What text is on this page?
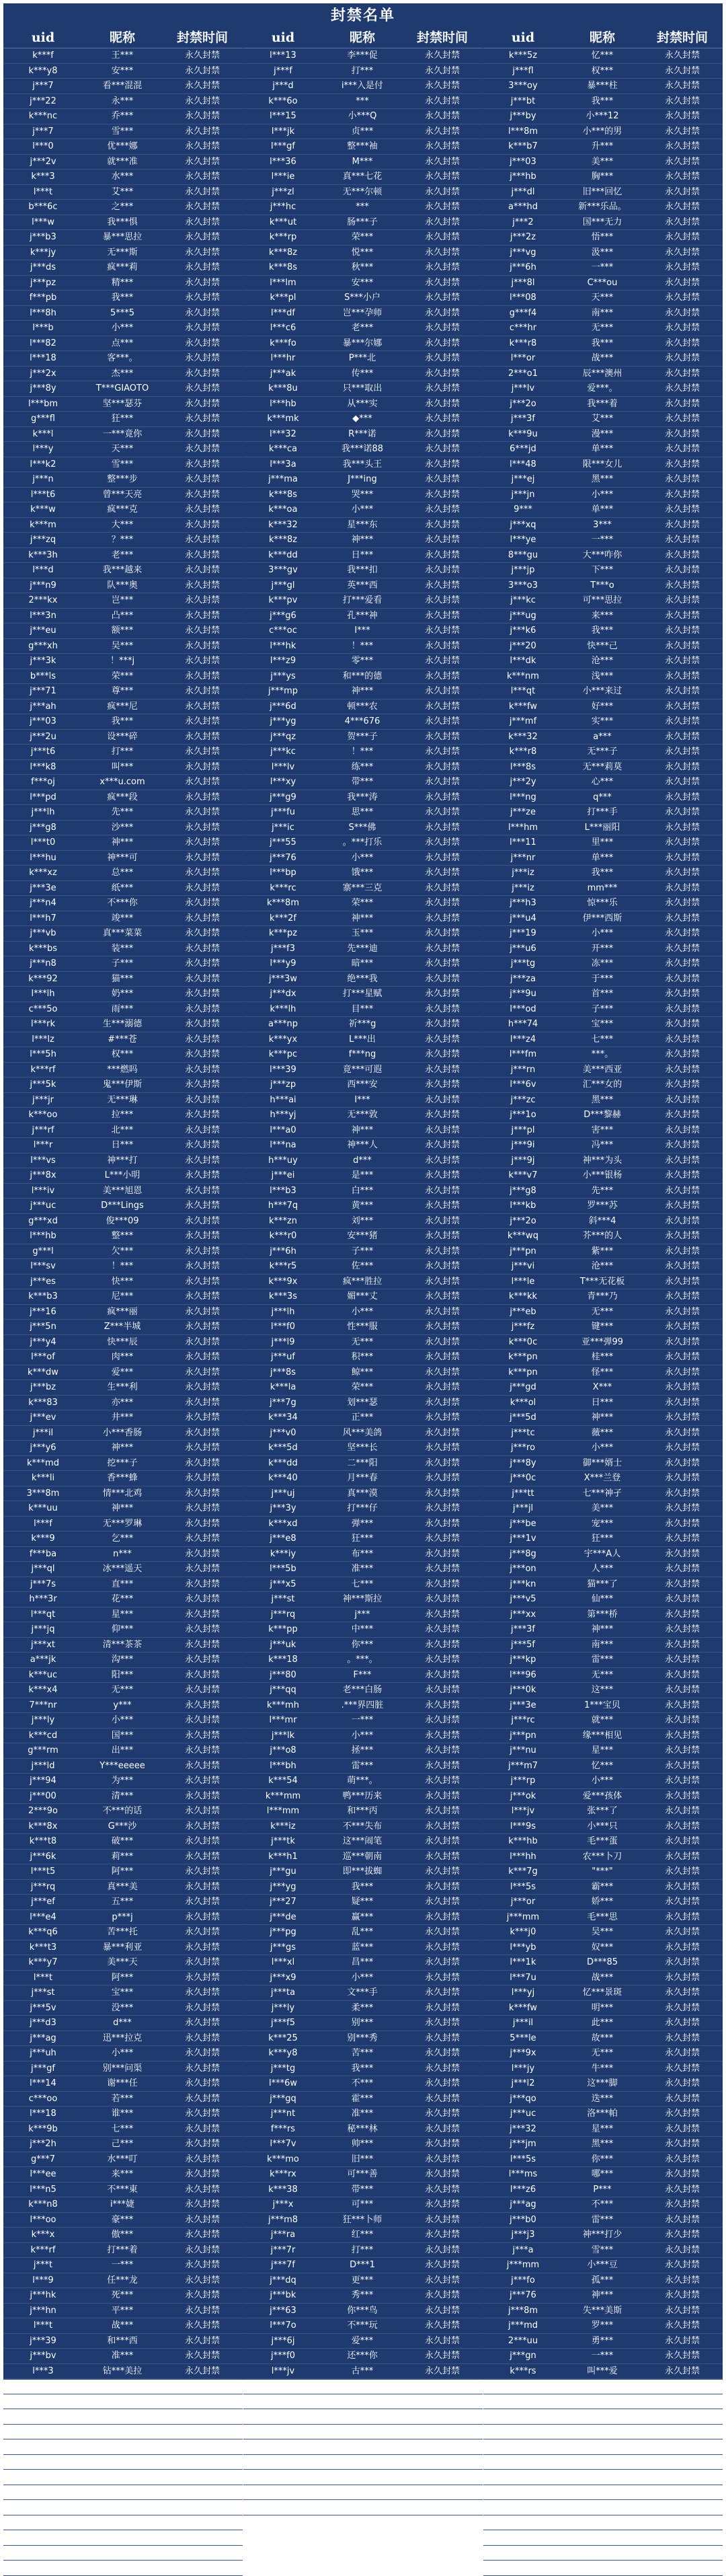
封禁名单
uid	昵称	封禁时间
k***f	王***	永久封禁
k***y8	安***	永久封禁
j***7	看***混混	永久封禁
j***22	永***	永久封禁
k***nc	乔***	永久封禁
j***7	雪***	永久封禁
l***0	优***娜	永久封禁
j***2v	就***准	永久封禁
k***3	水***	永久封禁
l***t	艾***	永久封禁
b***6c	之***	永久封禁
l***w	我***惧	永久封禁
j***b3	暴***思拉	永久封禁
k***jy	无***斯	永久封禁
j***ds	疯***莉	永久封禁
j***pz	精***	永久封禁
f***pb	我***	永久封禁
l***8h	5***5	永久封禁
l***b	小***	永久封禁
l***82	点***	永久封禁
l***18	客***。	永久封禁
j***2x	杰***	永久封禁
j***8y	T***GIAOTO	永久封禁
l***bm	坚***瑟芬	永久封禁
g***fl	狂***	永久封禁
k***l	一***竟你	永久封禁
l***y	天***	永久封禁
l***k2	雪***	永久封禁
j***n	整***步	永久封禁
l***t6	曾***天亮	永久封禁
k***w	疯***克	永久封禁
k***m	大***	永久封禁
j***zq	？***	永久封禁
k***3h	老***	永久封禁
l***d	我***越来	永久封禁
j***n9	队***奥	永久封禁
2***kx	岂***	永久封禁
l***3n	凸***	永久封禁
j***eu	额***	永久封禁
g***xh	吴***	永久封禁
j***3k	！***j	永久封禁
b***ls	荣***	永久封禁
j***71	尊***	永久封禁
j***ah	疯***尼	永久封禁
j***03	我***	永久封禁
j***2u	设***碎	永久封禁
j***t6	打***	永久封禁
l***k8	叫***	永久封禁
f***oj	x***u.com	永久封禁
l***pd	疯***段	永久封禁
j***lh	先***	永久封禁
j***g8	沙***	永久封禁
l***t0	神***	永久封禁
l***hu	神***可	永久封禁
k***xz	总***	永久封禁
j***3e	纸***	永久封禁
j***n4	不***你	永久封禁
l***h7	竣***	永久封禁
j***vb	真***菜菜	永久封禁
k***bs	装***	永久封禁
j***n8	子***	永久封禁
k***92	猫***	永久封禁
l***lh	奶***	永久封禁
c***5o	雨***	永久封禁
l***rk	生***溺德	永久封禁
l***lz	#***苍	永久封禁
l***5h	权***	永久封禁
k***rf	***燃吗	永久封禁
j***5k	鬼***伊斯	永久封禁
j***jr	无***琳	永久封禁
k***oo	拉***	永久封禁
j***rf	北***	永久封禁
l***r	日***	永久封禁
l***vs	神***打	永久封禁
j***8x	L***小明	永久封禁
l***iv	美***旭恩	永久封禁
j***uc	D***Lings	永久封禁
g***xd	俊***09	永久封禁
l***hb	整***	永久封禁
g***l	欠***	永久封禁
l***sv	！***	永久封禁
j***es	快***	永久封禁
k***b3	尼***	永久封禁
j***16	疯***丽	永久封禁
j***5n	Z***半城	永久封禁
j***y4	快***辰	永久封禁
l***of	肉***	永久封禁
k***dw	爱***	永久封禁
j***bz	生***利	永久封禁
k***83	亦***	永久封禁
j***ev	井***	永久封禁
j***il	小***香肠	永久封禁
j***y6	神***	永久封禁
k***md	挖***子	永久封禁
k***li	香***蜂	永久封禁
3***8m	情***北鸡	永久封禁
k***uu	神***	永久封禁
l***f	无***罗琳	永久封禁
k***9	乞***	永久封禁
f***ba	n***	永久封禁
j***ql	冰***遥天	永久封禁
j***7s	直***	永久封禁
h***3r	花***	永久封禁
l***qt	星***	永久封禁
j***jq	仰***	永久封禁
j***xt	清***茶茶	永久封禁
a***jk	沟***	永久封禁
k***uc	阳***	永久封禁
k***x4	无***	永久封禁
7***nr	y***	永久封禁
j***ly	小***	永久封禁
k***cd	国***	永久封禁
g***rm	出***	永久封禁
j***ld	Y***eeeee	永久封禁
j***94	为***	永久封禁
j***00	清***	永久封禁
2***9o	不***的话	永久封禁
k***8x	G***沙	永久封禁
k***t8	破***	永久封禁
j***6k	莉***	永久封禁
l***t5	阿***	永久封禁
j***rq	真***美	永久封禁
j***ef	五***	永久封禁
l***e4	p***j	永久封禁
k***q6	苦***托	永久封禁
k***t3	暴***利亚	永久封禁
k***y7	美***天	永久封禁
l***t	阿***	永久封禁
j***st	宝***	永久封禁
j***5v	没***	永久封禁
j***d3	d***	永久封禁
j***ag	迅***拉克	永久封禁
j***uh	小***	永久封禁
j***gf	别***问渠	永久封禁
l***14	谢***任	永久封禁
c***oo	若***	永久封禁
l***18	谁***	永久封禁
k***9b	七***	永久封禁
j***2h	己***	永久封禁
g***7	水***叮	永久封禁
l***ee	来***	永久封禁
l***n5	不***東	永久封禁
k***n8	i***婕	永久封禁
l***oo	豪***	永久封禁
k***x	傲***	永久封禁
k***rf	打***着	永久封禁
j***t	一***	永久封禁
l***9	任***龙	永久封禁
j***hk	死***	永久封禁
j***hn	平***	永久封禁
l***t	战***	永久封禁
j***39	和***西	永久封禁
j***bv	准***	永久封禁
l***3	钻***美拉	永久封禁
j***xz	阳***特曼	永久封禁
l***3t	开***手	永久封禁
l***d	千***	永久封禁
j***kl	屠***卡师	永久封禁
l***z	不***	永久封禁
j***5	一***	永久封禁
j***fq	神***奇	永久封禁
j***d2	可***	永久封禁
9***r	在***	永久封禁
k***80	手***一切	永久封禁
3***e2	X***七	永久封禁
l***sk	狂***门	永久封禁
j***2i	初***觉夏	永久封禁
uid	昵称	封禁时间
l***13	李***促	永久封禁
j***f	打***	永久封禁
j***d	i***入是付	永久封禁
k***6o	***	永久封禁
l***15	小***Q	永久封禁
l***jk	贞***	永久封禁
l***gf	整***袖	永久封禁
l***36	M***	永久封禁
l***ie	真***七花	永久封禁
j***zl	无***尔顿	永久封禁
j***hc	***	永久封禁
k***ut	肠***子	永久封禁
k***rp	荣***	永久封禁
k***8z	悦***	永久封禁
k***8s	秋***	永久封禁
l***lm	安***	永久封禁
k***pl	S***小户	永久封禁
l***df	岂***孕师	永久封禁
l***c6	老***	永久封禁
k***fo	暴***尔娜	永久封禁
l***hr	P***北	永久封禁
j***ak	传***	永久封禁
k***8u	只***取出	永久封禁
l***hb	从***实	永久封禁
k***mk	◆***	永久封禁
l***32	R***诺	永久封禁
k***ca	我***诺88	永久封禁
l***3a	我***头王	永久封禁
j***ma	J***ing	永久封禁
k***8s	哭***	永久封禁
k***oa	小***	永久封禁
k***32	星***东	永久封禁
k***8z	神***	永久封禁
k***dd	日***	永久封禁
3***gv	我***扣	永久封禁
j***gl	英***西	永久封禁
k***pv	打***爱看	永久封禁
j***g6	孔***神	永久封禁
c***oc	I***	永久封禁
l***hk	！***	永久封禁
l***z9	零***	永久封禁
j***ys	和***的德	永久封禁
j***mp	神***	永久封禁
j***6d	顿***农	永久封禁
j***yg	4***676	永久封禁
j***qz	贺***子	永久封禁
j***kc	！***	永久封禁
l***lv	练***	永久封禁
l***xy	带***	永久封禁
j***g9	我***涛	永久封禁
j***fu	思***	永久封禁
j***ic	S***佛	永久封禁
j***55	。***打乐	永久封禁
j***76	小***	永久封禁
l***bp	饿***	永久封禁
k***rc	寨***三克	永久封禁
k***8m	荣***	永久封禁
k***2f	神***	永久封禁
k***pz	玉***	永久封禁
j***f3	先***迪	永久封禁
l***y9	暗***	永久封禁
j***3w	绝***我	永久封禁
j***dx	打***星赋	永久封禁
k***lh	目***	永久封禁
a***np	祈***g	永久封禁
k***yx	L***出	永久封禁
k***pc	f***ng	永久封禁
l***39	竟***可遐	永久封禁
j***zp	西***安	永久封禁
h***ai	I***	永久封禁
h***yj	无***敦	永久封禁
l***a0	神***	永久封禁
l***na	神***人	永久封禁
h***uy	d***	永久封禁
j***ei	是***	永久封禁
l***b3	白***	永久封禁
h***7q	黄***	永久封禁
k***zn	刘***	永久封禁
k***r0	安***猪	永久封禁
j***6h	子***	永久封禁
k***r5	佐***	永久封禁
k***9x	疯***胜拉	永久封禁
k***3s	媚***丈	永久封禁
j***lh	小***	永久封禁
l***f0	性***服	永久封禁
j***l9	无***	永久封禁
j***uf	积***	永久封禁
j***8s	鲸***	永久封禁
k***la	荣***	永久封禁
j***7g	划***瑟	永久封禁
k***34	正***	永久封禁
j***v0	风***美鸽	永久封禁
k***5d	坚***长	永久封禁
k***dd	二***阳	永久封禁
k***40	月***春	永久封禁
j***uj	真***漠	永久封禁
j***3y	打***仔	永久封禁
k***xd	弹***	永久封禁
j***e8	狂***	永久封禁
k***iy	布***	永久封禁
l***5b	准***	永久封禁
j***x5	七***	永久封禁
j***st	神***斯拉	永久封禁
j***rq	j***	永久封禁
k***pp	中***	永久封禁
j***uk	你***	永久封禁
k***18	。***。	永久封禁
j***80	F***	永久封禁
j***qq	老***白肠	永久封禁
k***mh	.***界四脏	永久封禁
l***mr	一***	永久封禁
j***lk	小***	永久封禁
j***o8	拯***	永久封禁
l***bh	雷***	永久封禁
k***54	萌***。	永久封禁
k***mm	鸭***历来	永久封禁
l***mm	和***丙	永久封禁
k***iz	不***失布	永久封禁
j***tk	这***闹笔	永久封禁
k***h1	巡***朝南	永久封禁
j***gu	即***拔蜘	永久封禁
j***yg	我***	永久封禁
j***27	疑***	永久封禁
j***de	赢***	永久封禁
j***pg	乱***	永久封禁
j***gs	蓝***	永久封禁
l***xl	昌***	永久封禁
j***x9	小***	永久封禁
j***ta	文***手	永久封禁
j***ly	柔***	永久封禁
j***f5	别***	永久封禁
k***25	别***秀	永久封禁
k***y8	苦***	永久封禁
j***tg	我***	永久封禁
l***6w	不***	永久封禁
j***gq	霍***	永久封禁
j***nt	准***	永久封禁
f***rs	秘***林	永久封禁
l***7v	帅***	永久封禁
k***mo	旧***	永久封禁
k***rx	可***善	永久封禁
k***38	带***	永久封禁
j***x	可***	永久封禁
j***m8	狂***卜师	永久封禁
j***ra	红***	永久封禁
j***7r	打***	永久封禁
j***7f	D***1	永久封禁
j***dq	更***	永久封禁
j***bk	秀***	永久封禁
j***63	你***鸟	永久封禁
l***7o	不***玩	永久封禁
j***6j	爱***	永久封禁
j***f0	还***你	永久封禁
l***jv	古***	永久封禁
k***ah	一***鹿	永久封禁
j***tw	神***兰克	永久封禁
j***qj	神***	永久封禁
j***17	被***着	永久封禁
j***zv	麒***	永久封禁
j***ea	小***	永久封禁
j***ei	宗***	永久封禁
g***x4	赞***	永久封禁
k***ro	小***	永久封禁
uid	昵称	封禁时间
k***5z	忆***	永久封禁
j***fl	权***	永久封禁
3***oy	暴***柱	永久封禁
j***bt	我***	永久封禁
j***by	小***12	永久封禁
l***8m	小***的男	永久封禁
k***b7	升***	永久封禁
j***03	美***	永久封禁
j***hb	胸***	永久封禁
j***dl	旧***回忆	永久封禁
a***hd	新***乐品。	永久封禁
j***2	国***无力	永久封禁
j***2z	悟***	永久封禁
j***vg	汲***	永久封禁
j***6h	一***	永久封禁
j***8l	C***ou	永久封禁
l***08	天***	永久封禁
g***f4	南***	永久封禁
c***hr	无***	永久封禁
k***r8	我***	永久封禁
l***or	战***	永久封禁
2***o1	辰***澳州	永久封禁
j***lv	爱***。	永久封禁
j***2o	我***着	永久封禁
j***3f	艾***	永久封禁
k***9u	漫***	永久封禁
6***jd	单***	永久封禁
l***48	限***女儿	永久封禁
j***ej	黑***	永久封禁
j***jn	小***	永久封禁
9***	单***	永久封禁
j***xq	3***	永久封禁
l***ye	一***	永久封禁
8***gu	大***咋你	永久封禁
j***jp	下***	永久封禁
3***o3	T***o	永久封禁
j***kc	可***思拉	永久封禁
j***ug	来***	永久封禁
j***k6	我***	永久封禁
j***20	快***己	永久封禁
l***dk	沧***	永久封禁
k***nm	浅***	永久封禁
l***qt	小***来过	永久封禁
k***fw	好***	永久封禁
j***mf	实***	永久封禁
k***32	a***	永久封禁
k***r8	无***子	永久封禁
l***8s	无***莉莫	永久封禁
j***2y	心***	永久封禁
l***ng	q***	永久封禁
j***ze	打***手	永久封禁
l***hm	L***丽阳	永久封禁
l***11	里***	永久封禁
j***nr	单***	永久封禁
j***iz	我***	永久封禁
j***iz	mm***	永久封禁
j***h3	惊***乐	永久封禁
j***u4	伊***西斯	永久封禁
j***19	小***	永久封禁
j***u6	开***	永久封禁
j***tg	冻***	永久封禁
j***za	于***	永久封禁
j***9u	首***	永久封禁
l***od	子***	永久封禁
h***74	宝***	永久封禁
l***z4	七***	永久封禁
l***fm	***。	永久封禁
j***rn	美***西亚	永久封禁
l***6v	汇***女的	永久封禁
j***zc	黑***	永久封禁
j***1o	D***黎赫	永久封禁
j***pl	害***	永久封禁
j***9i	冯***	永久封禁
j***9j	神***为头	永久封禁
k***v7	小***银杨	永久封禁
j***g8	先***	永久封禁
l***kb	罗***苏	永久封禁
j***2o	斜***4	永久封禁
k***wq	芥***的人	永久封禁
j***pn	紫***	永久封禁
j***vi	沧***	永久封禁
l***le	T***无花板	永久封禁
k***kk	青***乃	永久封禁
j***eb	无***	永久封禁
j***fz	键***	永久封禁
k***0c	亚***弹99	永久封禁
k***pn	桂***	永久封禁
k***pn	怪***	永久封禁
j***gd	X***	永久封禁
k***ol	日***	永久封禁
j***5d	神***	永久封禁
j***tc	薇***	永久封禁
j***ro	小***	永久封禁
j***8y	御***婿士	永久封禁
j***0c	X***兰登	永久封禁
j***tt	七***神孑	永久封禁
j***jl	美***	永久封禁
j***be	宠***	永久封禁
j***1v	狂***	永久封禁
j***8g	宇***A人	永久封禁
j***on	人***	永久封禁
j***kn	猫***了	永久封禁
j***v5	仙***	永久封禁
j***xx	第***桥	永久封禁
j***3f	神***	永久封禁
j***5f	南***	永久封禁
j***kp	雷***	永久封禁
l***96	无***	永久封禁
j***0k	这***	永久封禁
j***3e	1***宝贝	永久封禁
j***rc	就***	永久封禁
j***pn	缘***相见	永久封禁
j***nu	星***	永久封禁
j***m7	忆***	永久封禁
j***rp	小***	永久封禁
j***ok	爱***孩体	永久封禁
l***jv	张***了	永久封禁
l***9s	小***只	永久封禁
k***hb	毛***蛋	永久封禁
l***hh	农***卜刀	永久封禁
k***7g	"***"	永久封禁
l***5s	霸***	永久封禁
j***or	娇***	永久封禁
j***mm	毛***思	永久封禁
k***j0	吴***	永久封禁
l***yb	奴***	永久封禁
l***1k	D***85	永久封禁
l***7u	战***	永久封禁
l***yj	忆***景斑	永久封禁
k***fw	明***	永久封禁
j***il	此***	永久封禁
5***le	故***	永久封禁
j***9x	无***	永久封禁
l***jy	牛***	永久封禁
j***l2	这***脚	永久封禁
j***qo	迭***	永久封禁
j***uc	洛***帕	永久封禁
j***32	星***	永久封禁
j***jm	黑***	永久封禁
l***5s	你***	永久封禁
l***ms	哪***	永久封禁
l***z6	P***	永久封禁
j***ag	不***	永久封禁
j***b0	雷***	永久封禁
j***j3	神***打少	永久封禁
j***a	雪***	永久封禁
j***mm	小***豆	永久封禁
j***fo	孤***	永久封禁
j***76	神***	永久封禁
j***8m	失***美斯	永久封禁
j***md	罗***	永久封禁
2***uu	勇***	永久封禁
j***gn	一***	永久封禁
k***rs	叫***爱	永久封禁
j***z9	傻***	永久封禁
l***lu	竹***	永久封禁
j***bd	小***卜师	永久封禁
j***8d	骨***白纹	永久封禁
k***bh	欧***困！	永久封禁
j***nj	少***	永久封禁
l***jn	小***	永久封禁
j***ft	开***开了	永久封禁
l***d	7***	永久封禁
l***sx	失***	永久封禁
k***n8	乐***	永久封禁
j***18	一***	永久封禁
j***1j	1***狒狒	永久封禁
